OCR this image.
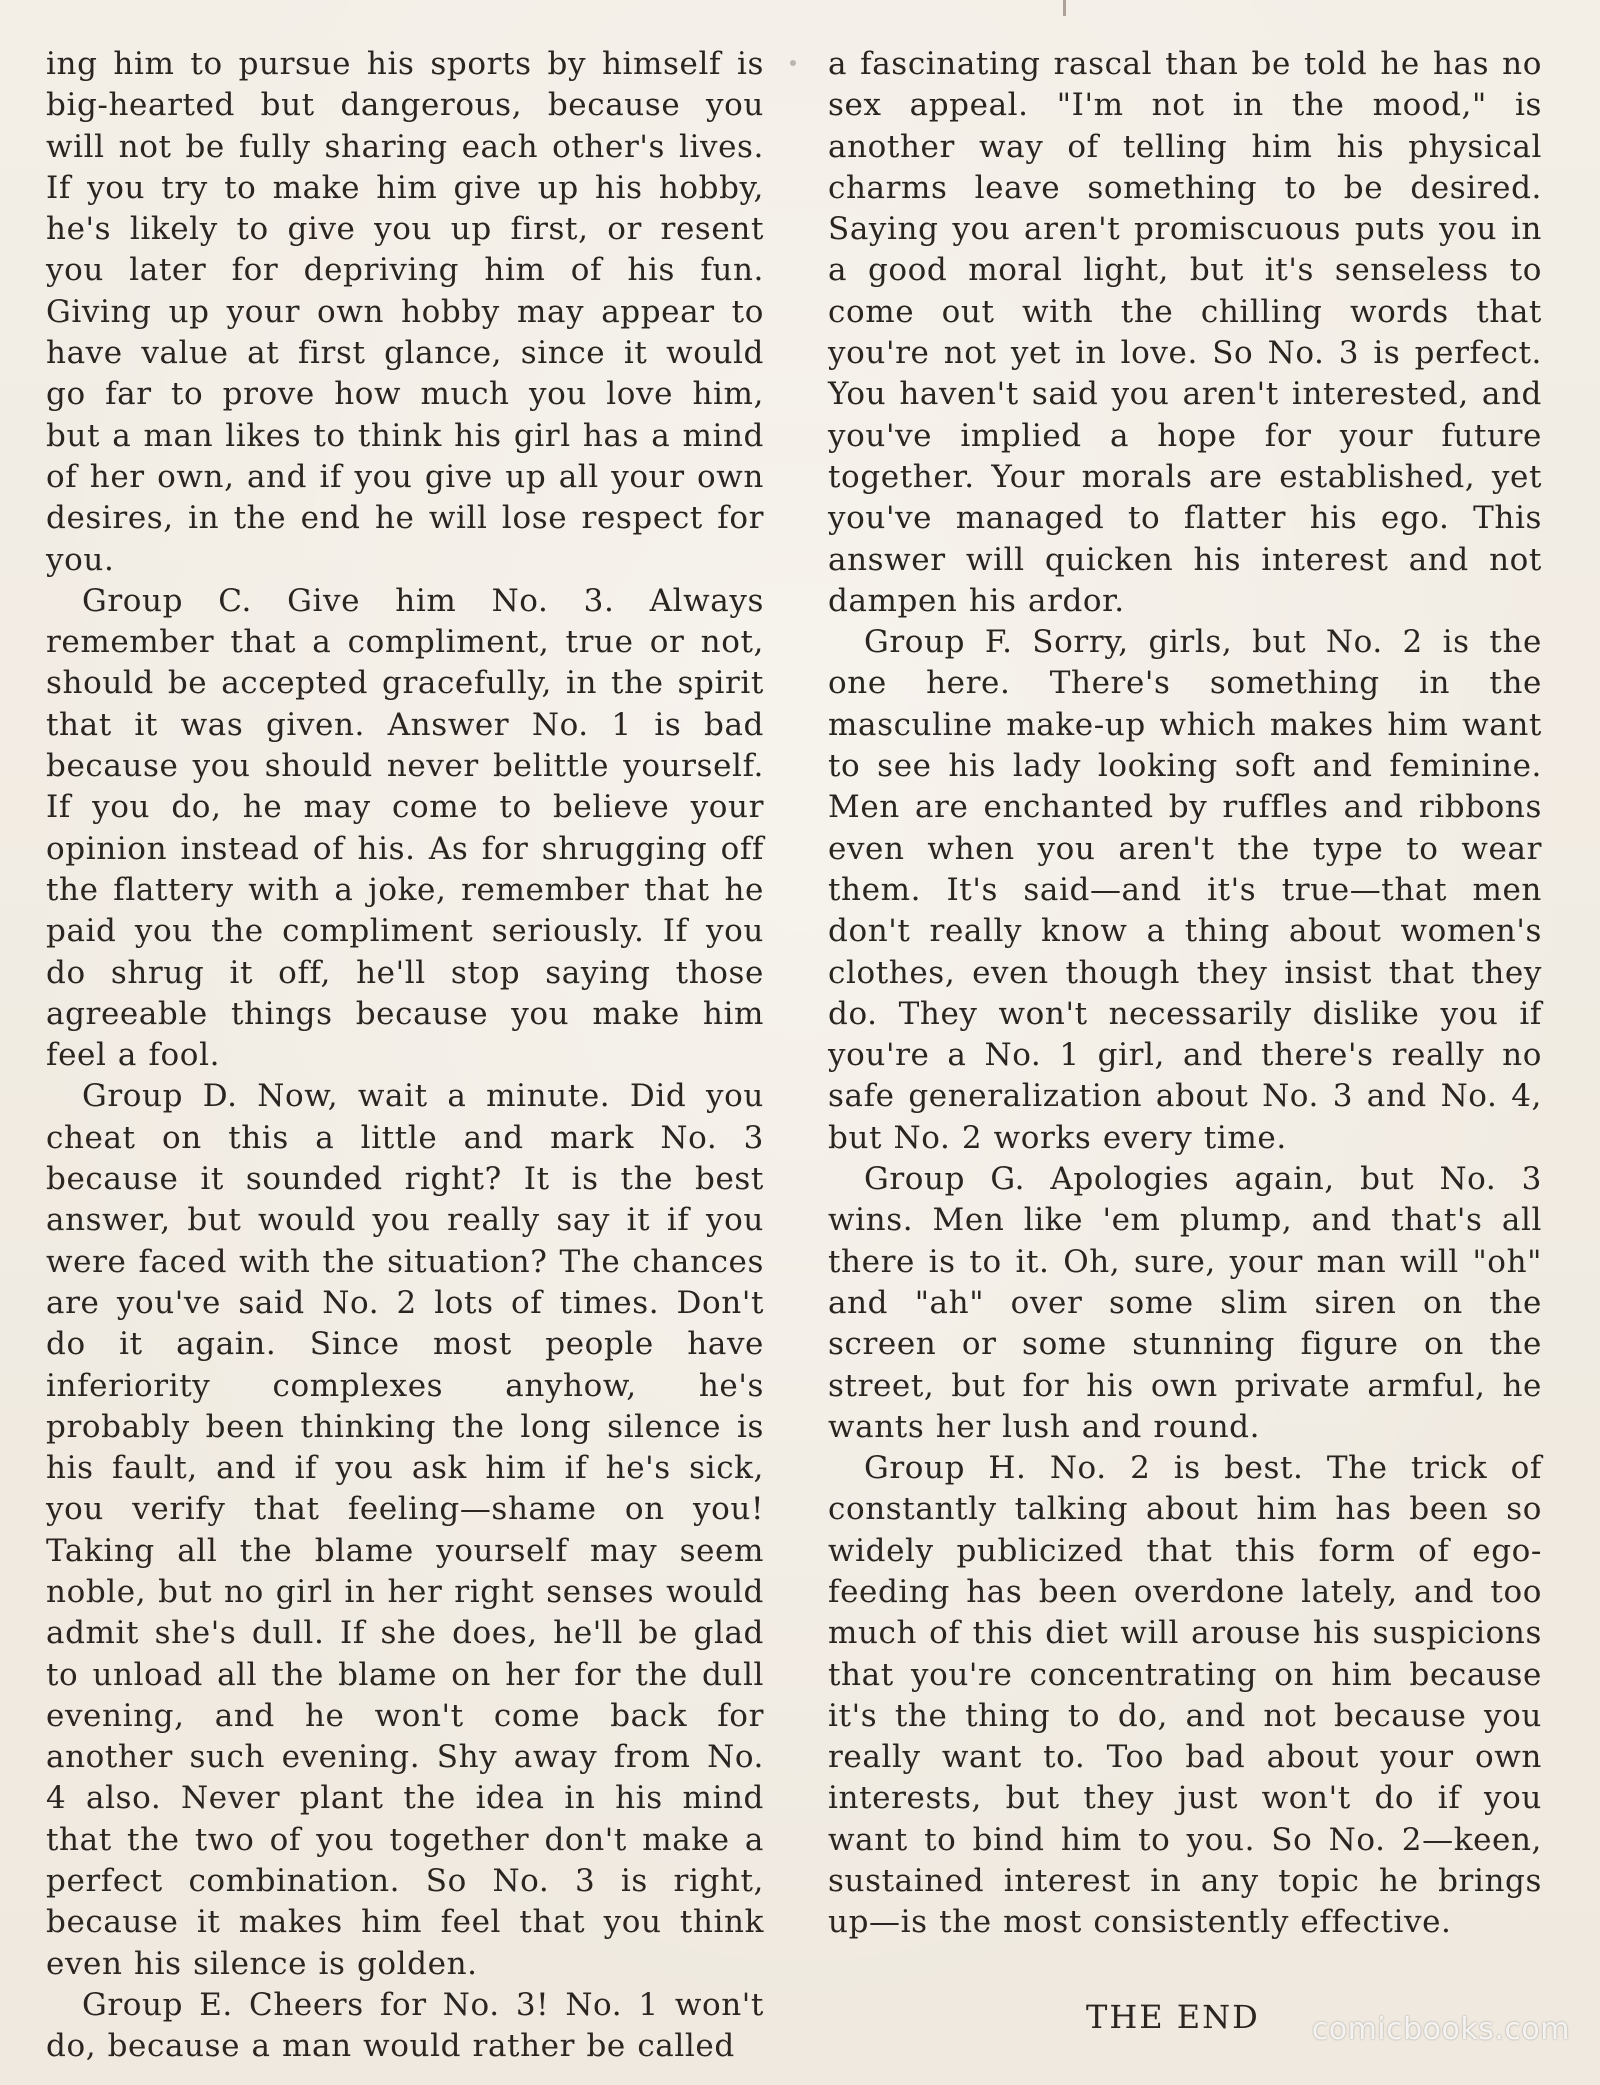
ing him to pursue his sports by himself is big-hearted but dangerous, because you will not be fully sharing each other's lives. If you try to make him give up his hobby, he's likely to give you up first, or resent you later for depriving him of his fun. Giving up your own hobby may appear to have value at first glance, since it would go far to prove how much you love him, but a man likes to think his girl has a mind of her own, and if you give up all your own desires, in the end he will lose respect for you.

Group C. Give him No. 3. Always remember that a compliment, true or not, should be accepted gracefully, in the spirit that it was given. Answer No. 1 is bad because you should never belittle yourself. If you do, he may come to believe your opinion instead of his. As for shrugging off the flattery with a joke, remember that he paid you the compliment seriously. If you do shrug it off, he'll stop saying those agreeable things because you make him feel a fool.

Group D. Now, wait a minute. Did you cheat on this a little and mark No. 3 because it sounded right? It is the best answer, but would you really say it if you were faced with the situation? The chances are you've said No. 2 lots of times. Don't do it again. Since most people have inferiority complexes anyhow, he's probably been thinking the long silence is his fault, and if you ask him if he's sick, you verify that feeling—shame on you! Taking all the blame yourself may seem noble, but no girl in her right senses would admit she's dull. If she does, he'll be glad to unload all the blame on her for the dull evening, and he won't come back for another such evening. Shy away from No. 4 also. Never plant the idea in his mind that the two of you together don't make a perfect combination. So No. 3 is right, because it makes him feel that you think even his silence is golden.

Group E. Cheers for No. 3! No. 1 won't do, because a man would rather be called

a fascinating rascal than be told he has no sex appeal. "I'm not in the mood," is another way of telling him his physical charms leave something to be desired. Saying you aren't promiscuous puts you in a good moral light, but it's senseless to come out with the chilling words that you're not yet in love. So No. 3 is perfect. You haven't said you aren't interested, and you've implied a hope for your future together. Your morals are established, yet you've managed to flatter his ego. This answer will quicken his interest and not dampen his ardor.

Group F. Sorry, girls, but No. 2 is the one here. There's something in the masculine make-up which makes him want to see his lady looking soft and feminine. Men are enchanted by ruffles and ribbons even when you aren't the type to wear them. It's said—and it's true—that men don't really know a thing about women's clothes, even though they insist that they do. They won't necessarily dislike you if you're a No. 1 girl, and there's really no safe generalization about No. 3 and No. 4, but No. 2 works every time.

Group G. Apologies again, but No. 3 wins. Men like 'em plump, and that's all there is to it. Oh, sure, your man will "oh" and "ah" over some slim siren on the screen or some stunning figure on the street, but for his own private armful, he wants her lush and round.

Group H. No. 2 is best. The trick of constantly talking about him has been so widely publicized that this form of ego-feeding has been overdone lately, and too much of this diet will arouse his suspicions that you're concentrating on him because it's the thing to do, and not because you really want to. Too bad about your own interests, but they just won't do if you want to bind him to you. So No. 2—keen, sustained interest in any topic he brings up—is the most consistently effective.

THE END comicbooks.com
